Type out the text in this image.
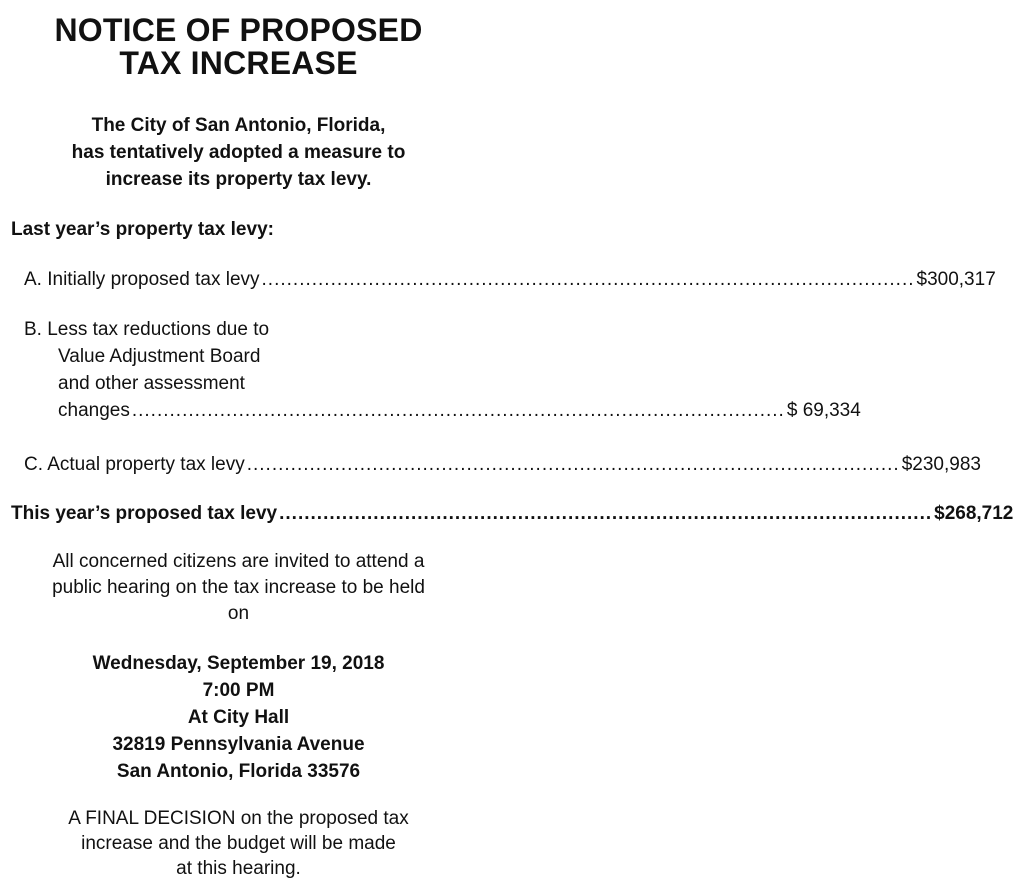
NOTICE OF PROPOSED
TAX INCREASE
The City of San Antonio, Florida,
has tentatively adopted a measure to
increase its property tax levy.
Last year’s property tax levy:
A. Initially proposed tax levy ........................................................................................................ $300,317
B. Less tax reductions due to
Value Adjustment Board
and other assessment
changes ........................................................................................................ $ 69,334
C. Actual property tax levy ........................................................................................................ $230,983
This year’s proposed tax levy ........................................................................................................ $268,712
All concerned citizens are invited to attend a
public hearing on the tax increase to be held
on
Wednesday, September 19, 2018
7:00 PM
At City Hall
32819 Pennsylvania Avenue
San Antonio, Florida 33576
A FINAL DECISION on the proposed tax
increase and the budget will be made
at this hearing.
